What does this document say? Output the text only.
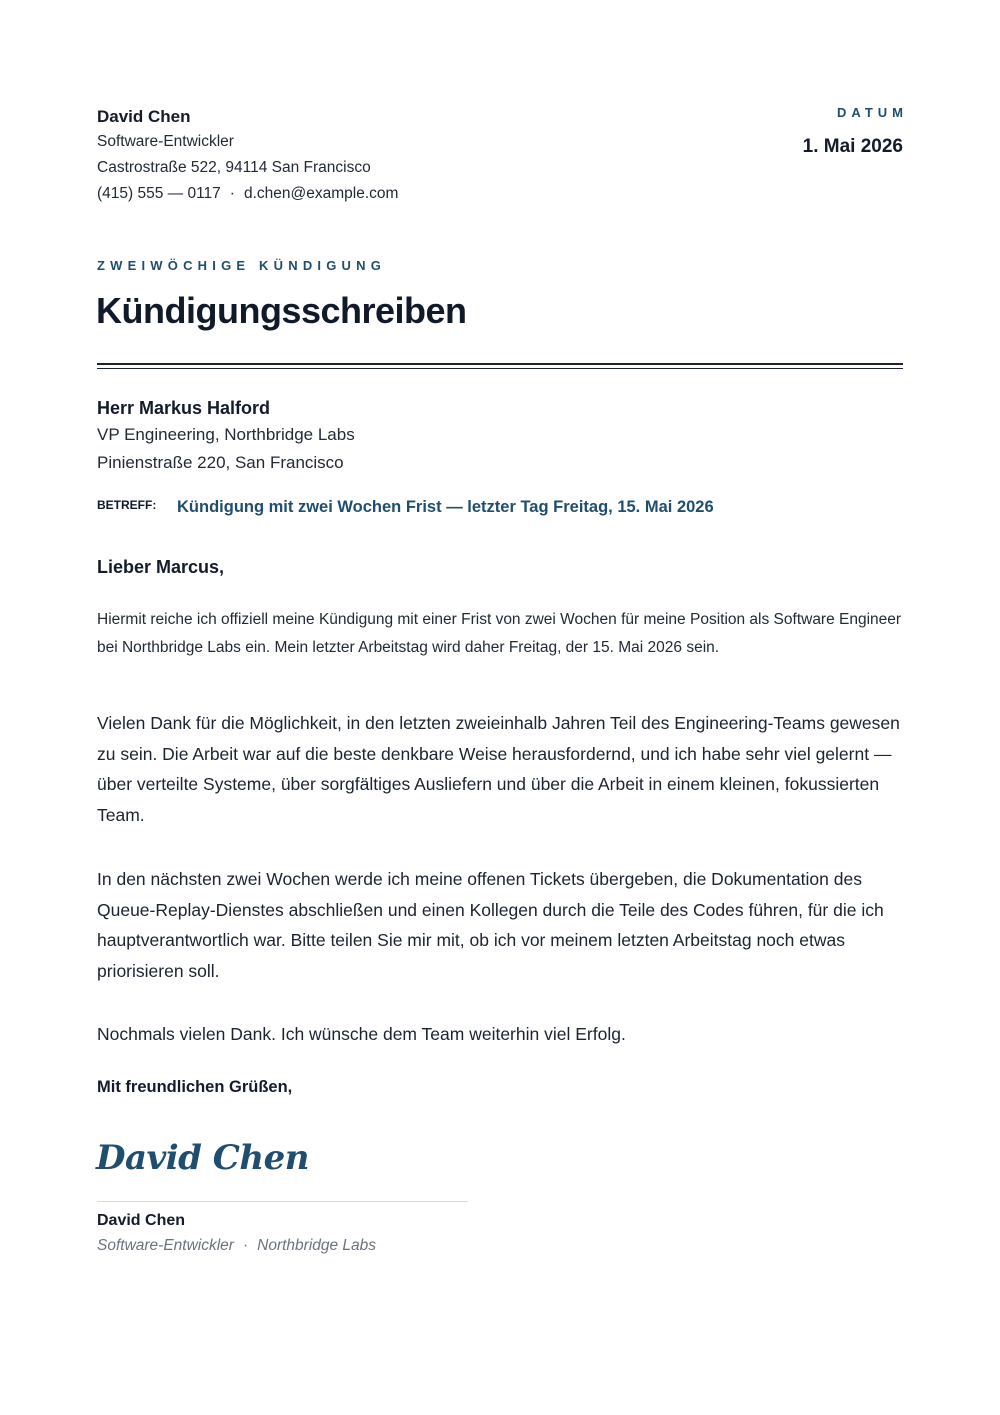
David Chen
Software-Entwickler
Castrostraße 522, 94114 San Francisco
(415) 555 — 0117 · d.chen@example.com
DATUM
1. Mai 2026
ZWEIWÖCHIGE KÜNDIGUNG
Kündigungsschreiben
Herr Markus Halford
VP Engineering, Northbridge Labs
Pinienstraße 220, San Francisco
BETREFF:	Kündigung mit zwei Wochen Frist — letzter Tag Freitag, 15. Mai 2026
Lieber Marcus,
Hiermit reiche ich offiziell meine Kündigung mit einer Frist von zwei Wochen für meine Position als Software Engineer bei Northbridge Labs ein. Mein letzter Arbeitstag wird daher Freitag, der 15. Mai 2026 sein.
Vielen Dank für die Möglichkeit, in den letzten zweieinhalb Jahren Teil des Engineering-Teams gewesen zu sein. Die Arbeit war auf die beste denkbare Weise herausfordernd, und ich habe sehr viel gelernt — über verteilte Systeme, über sorgfältiges Ausliefern und über die Arbeit in einem kleinen, fokussierten Team.
In den nächsten zwei Wochen werde ich meine offenen Tickets übergeben, die Dokumentation des Queue-Replay-Dienstes abschließen und einen Kollegen durch die Teile des Codes führen, für die ich hauptverantwortlich war. Bitte teilen Sie mir mit, ob ich vor meinem letzten Arbeitstag noch etwas priorisieren soll.
Nochmals vielen Dank. Ich wünsche dem Team weiterhin viel Erfolg.
Mit freundlichen Grüßen,
David Chen
David Chen
Software-Entwickler · Northbridge Labs
